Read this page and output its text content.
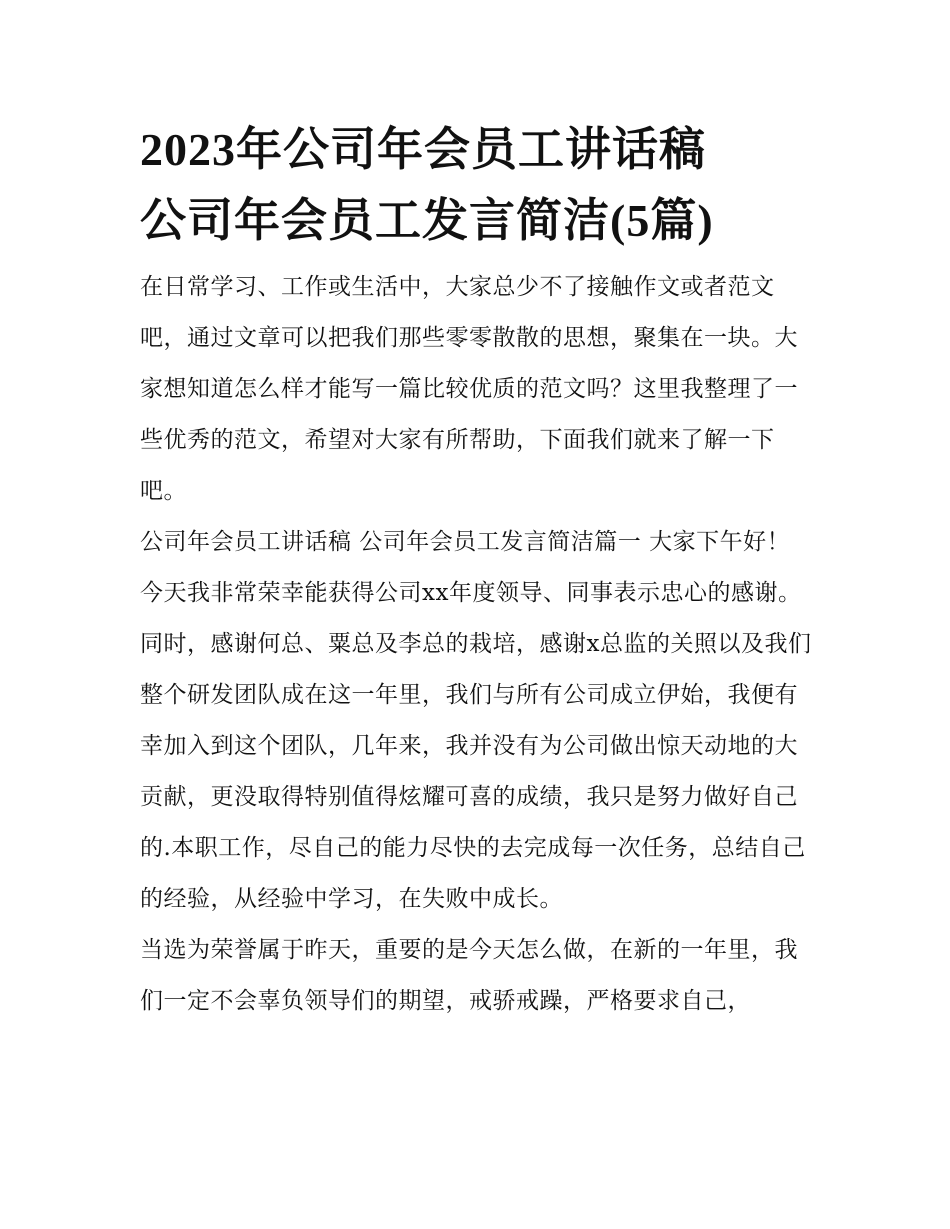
2023年公司年会员工讲话稿
公司年会员工发言简洁(5篇)

在日常学习、工作或生活中，大家总少不了接触作文或者范文吧，通过文章可以把我们那些零零散散的思想，聚集在一块。大家想知道怎么样才能写一篇比较优质的范文吗？这里我整理了一些优秀的范文，希望对大家有所帮助，下面我们就来了解一下吧。

公司年会员工讲话稿 公司年会员工发言简洁篇一 大家下午好！ 今天我非常荣幸能获得公司xx年度领导、同事表示忠心的感谢。

同时，感谢何总、粟总及李总的栽培，感谢x总监的关照以及我们整个研发团队成在这一年里，我们与所有公司成立伊始，我便有幸加入到这个团队，几年来，我并没有为公司做出惊天动地的大贡献，更没取得特别值得炫耀可喜的成绩，我只是努力做好自己的.本职工作，尽自己的能力尽快的去完成每一次任务，总结自己的经验，从经验中学习，在失败中成长。

当选为荣誉属于昨天，重要的是今天怎么做，在新的一年里，我们一定不会辜负领导们的期望，戒骄戒躁，严格要求自己，
